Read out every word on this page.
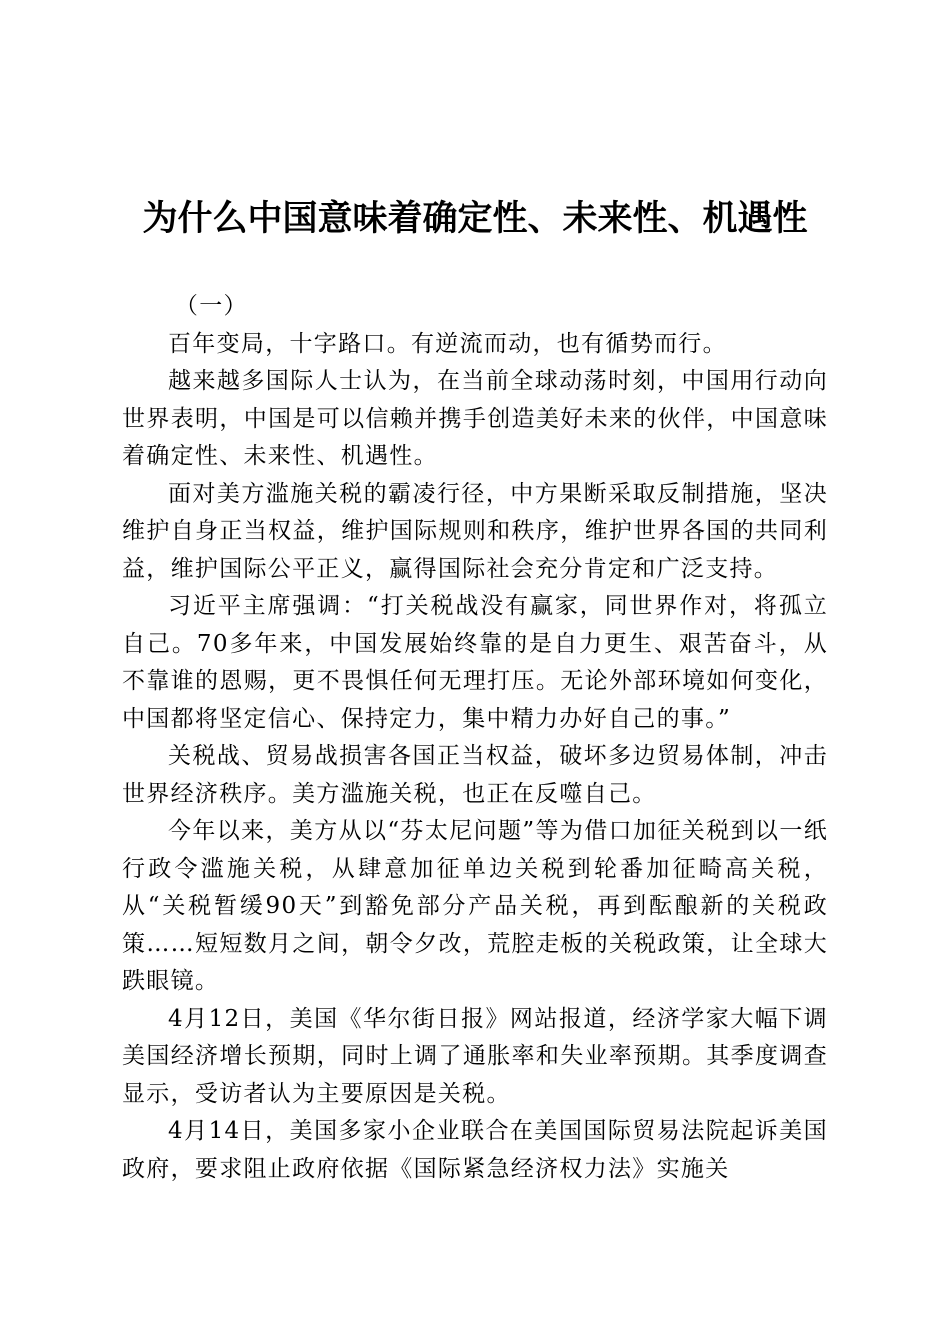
为什么中国意味着确定性、未来性、机遇性

（一）

百年变局，十字路口。有逆流而动，也有循势而行。

越来越多国际人士认为，在当前全球动荡时刻，中国用行动向世界表明，中国是可以信赖并携手创造美好未来的伙伴，中国意味着确定性、未来性、机遇性。

面对美方滥施关税的霸凌行径，中方果断采取反制措施，坚决维护自身正当权益，维护国际规则和秩序，维护世界各国的共同利益，维护国际公平正义，赢得国际社会充分肯定和广泛支持。

习近平主席强调：“打关税战没有赢家，同世界作对，将孤立自己。70多年来，中国发展始终靠的是自力更生、艰苦奋斗，从不靠谁的恩赐，更不畏惧任何无理打压。无论外部环境如何变化，中国都将坚定信心、保持定力，集中精力办好自己的事。”

关税战、贸易战损害各国正当权益，破坏多边贸易体制，冲击世界经济秩序。美方滥施关税，也正在反噬自己。

今年以来，美方从以“芬太尼问题”等为借口加征关税到以一纸行政令滥施关税，从肆意加征单边关税到轮番加征畸高关税，从“关税暂缓90天”到豁免部分产品关税，再到酝酿新的关税政策……短短数月之间，朝令夕改，荒腔走板的关税政策，让全球大跌眼镜。

4月12日，美国《华尔街日报》网站报道，经济学家大幅下调美国经济增长预期，同时上调了通胀率和失业率预期。其季度调查显示，受访者认为主要原因是关税。

4月14日，美国多家小企业联合在美国国际贸易法院起诉美国政府，要求阻止政府依据《国际紧急经济权力法》实施关
